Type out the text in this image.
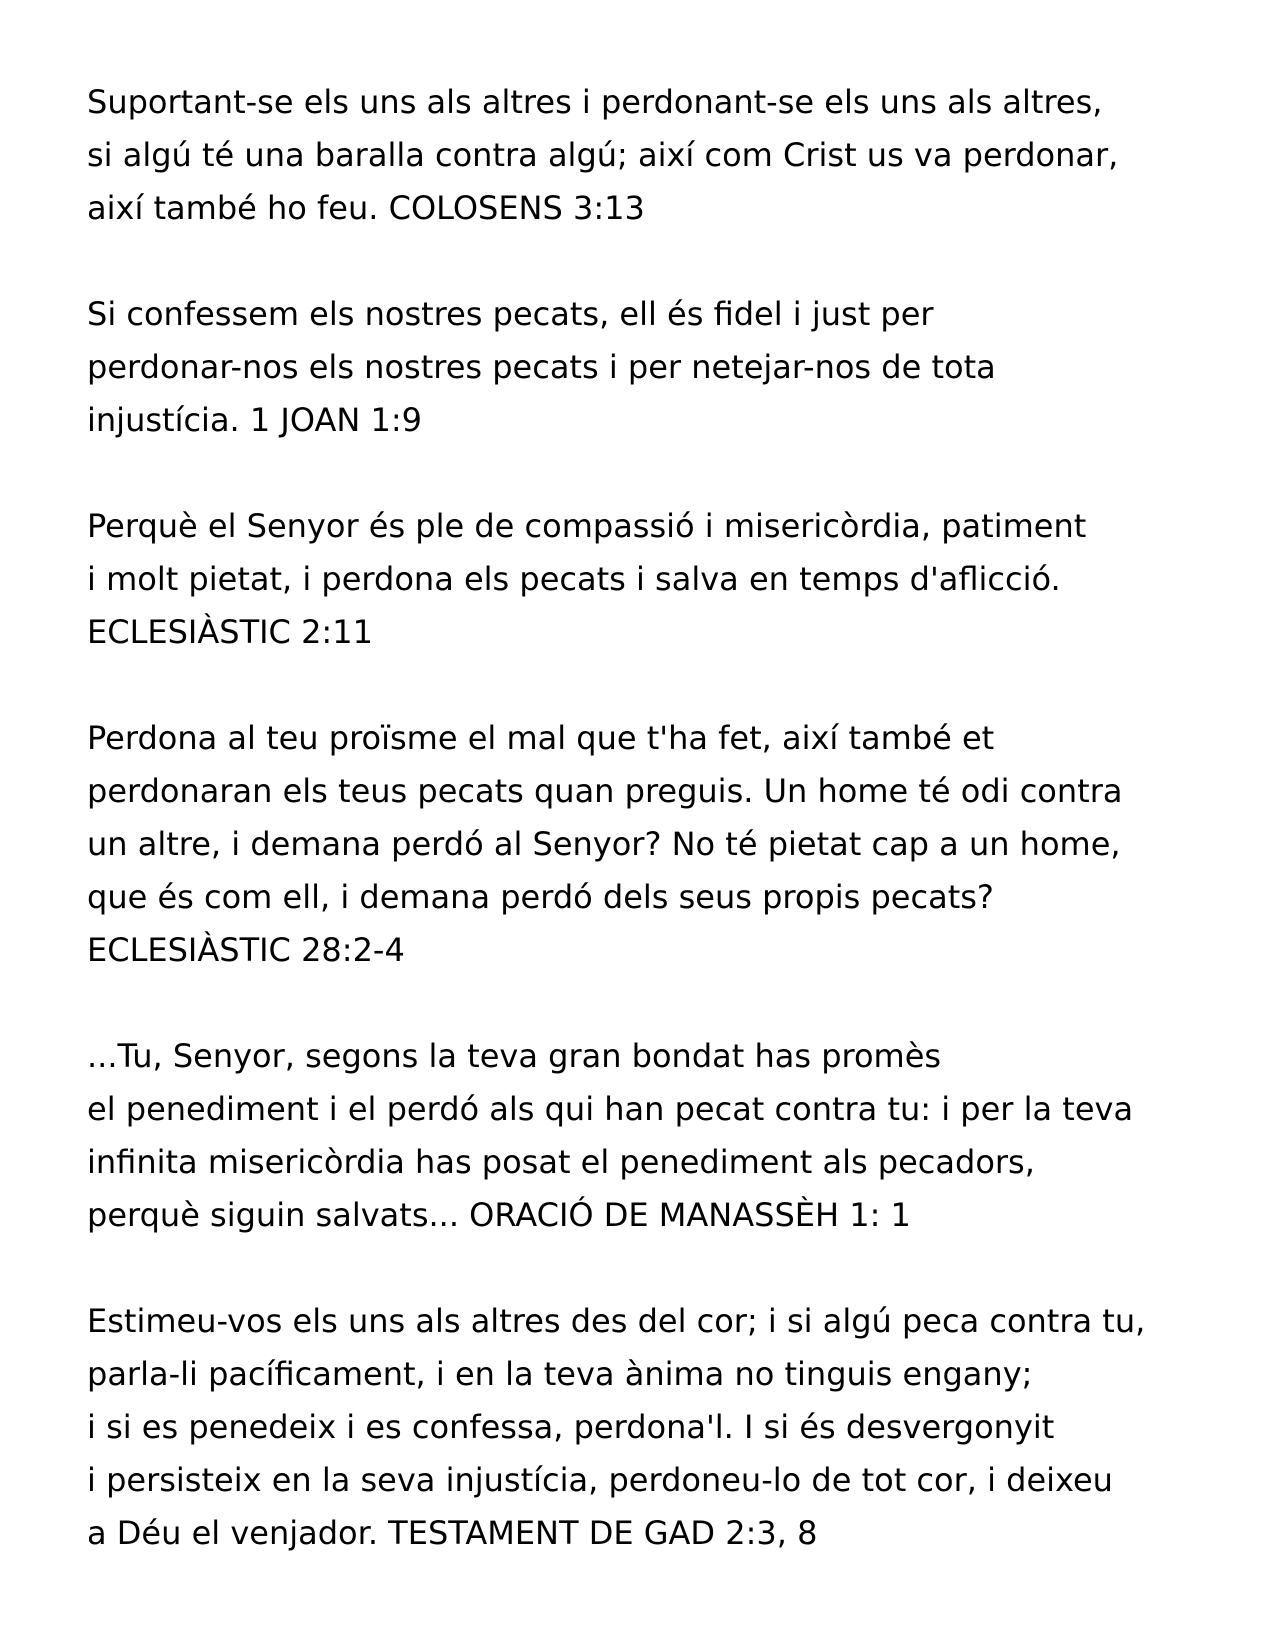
Suportant-se els uns als altres i perdonant-se els uns als altres,
si algú té una baralla contra algú; així com Crist us va perdonar,
així també ho feu. COLOSENS 3:13
Si confessem els nostres pecats, ell és fidel i just per
perdonar-nos els nostres pecats i per netejar-nos de tota
injustícia. 1 JOAN 1:9
Perquè el Senyor és ple de compassió i misericòrdia, patiment
i molt pietat, i perdona els pecats i salva en temps d'aflicció.
ECLESIÀSTIC 2:11
Perdona al teu proïsme el mal que t'ha fet, així també et
perdonaran els teus pecats quan preguis. Un home té odi contra
un altre, i demana perdó al Senyor? No té pietat cap a un home,
que és com ell, i demana perdó dels seus propis pecats?
ECLESIÀSTIC 28:2-4
...Tu, Senyor, segons la teva gran bondat has promès
el penediment i el perdó als qui han pecat contra tu: i per la teva
infinita misericòrdia has posat el penediment als pecadors,
perquè siguin salvats... ORACIÓ DE MANASSÈH 1: 1
Estimeu-vos els uns als altres des del cor; i si algú peca contra tu,
parla-li pacíficament, i en la teva ànima no tinguis engany;
i si es penedeix i es confessa, perdona'l. I si és desvergonyit
i persisteix en la seva injustícia, perdoneu-lo de tot cor, i deixeu
a Déu el venjador. TESTAMENT DE GAD 2:3, 8
